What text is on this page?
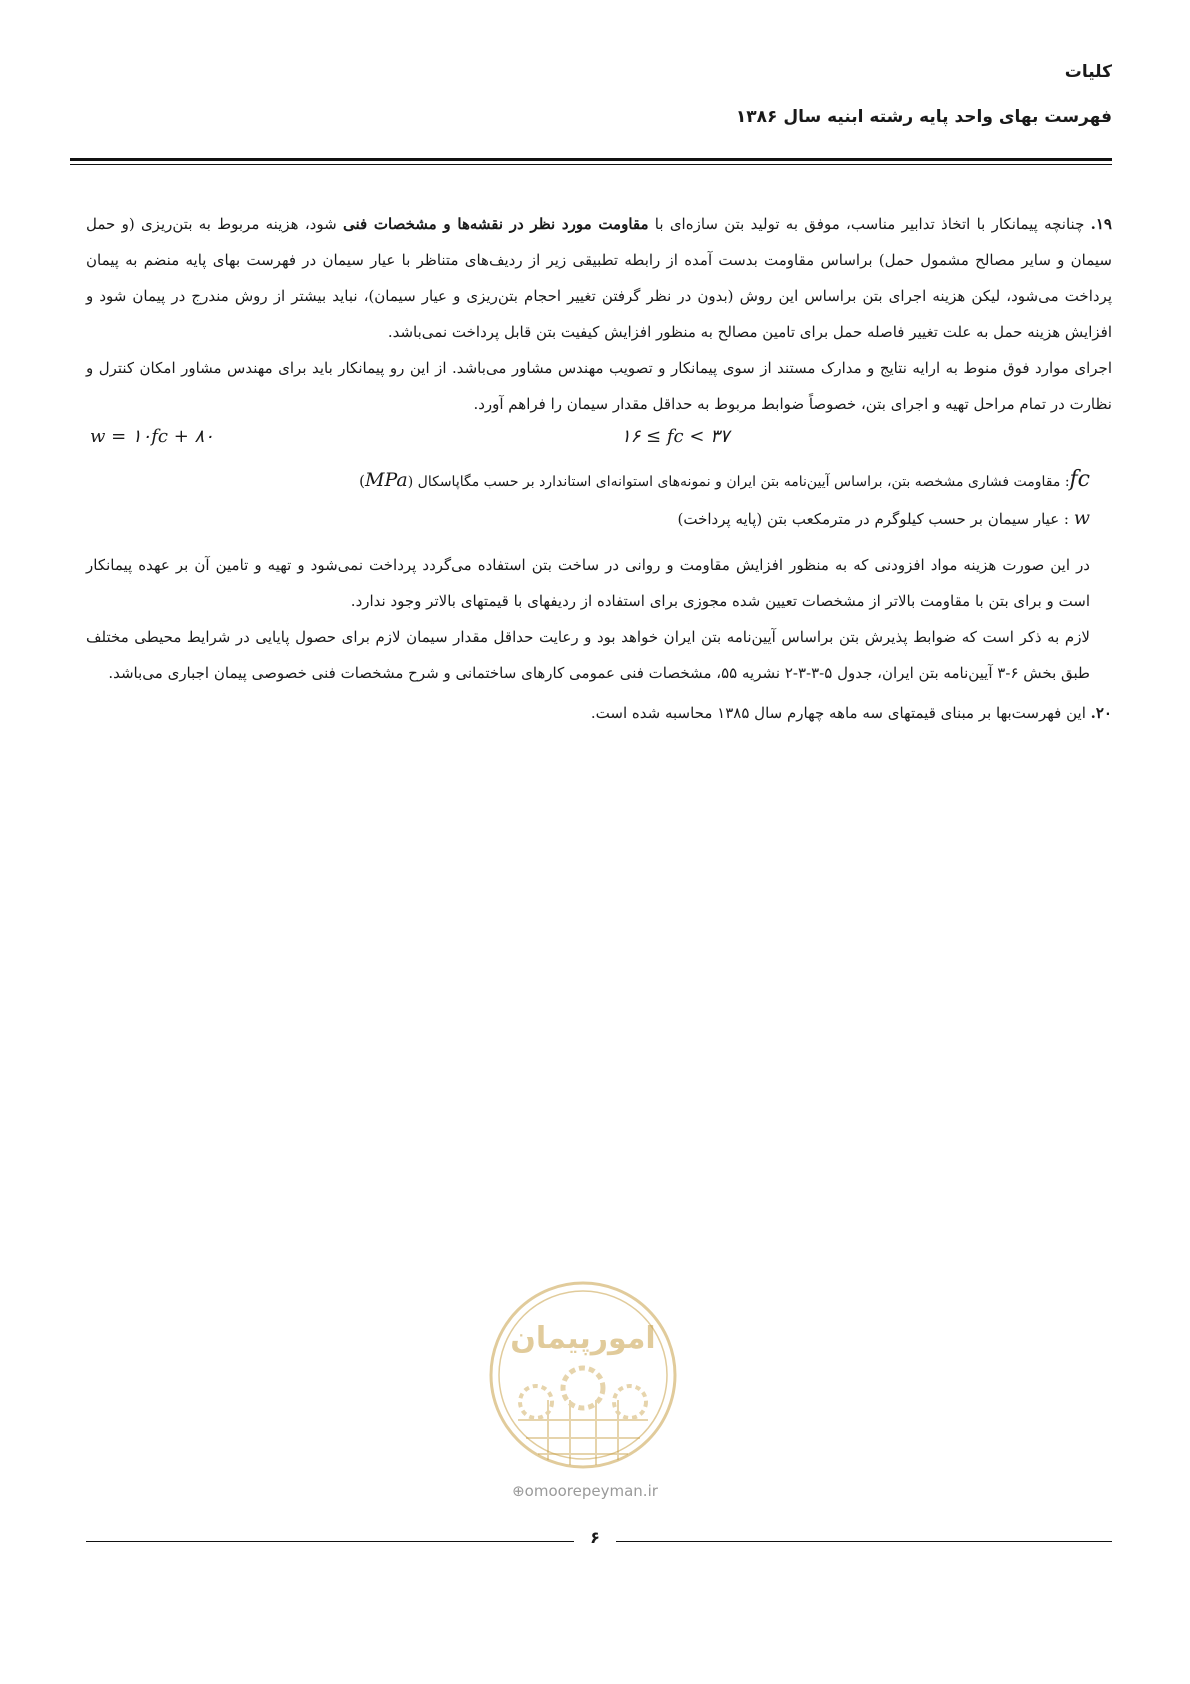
کلیات
فهرست بهای واحد پایه رشته ابنیه سال ۱۳۸۶

۱۹. چنانچه پیمانکار با اتخاذ تدابیر مناسب، موفق به تولید بتن سازه‌ای با مقاومت مورد نظر در نقشه‌ها و مشخصات فنی شود، هزینه مربوط به بتن‌ریزی (و حمل سیمان و سایر مصالح مشمول حمل) براساس مقاومت بدست آمده از رابطه تطبیقی زیر از ردیف‌های متناظر با عیار سیمان در فهرست بهای پایه منضم به پیمان پرداخت می‌شود، لیکن هزینه اجرای بتن براساس این روش (بدون در نظر گرفتن تغییر احجام بتن‌ریزی و عیار سیمان)، نباید بیشتر از روش مندرج در پیمان شود و افزایش هزینه حمل به علت تغییر فاصله حمل برای تامین مصالح به منظور افزایش کیفیت بتن قابل پرداخت نمی‌باشد.

اجرای موارد فوق منوط به ارایه نتایج و مدارک مستند از سوی پیمانکار و تصویب مهندس مشاور می‌باشد. از این رو پیمانکار باید برای مهندس مشاور امکان کنترل و نظارت در تمام مراحل تهیه و اجرای بتن، خصوصاً ضوابط مربوط به حداقل مقدار سیمان را فراهم آورد.

w = ۱۰fc + ۸۰	۱۶ ≤ fc < ۳۷
fc: مقاومت فشاری مشخصه بتن، براساس آیین‌نامه بتن ایران و نمونه‌های استوانه‌ای استاندارد بر حسب مگاپاسکال (MPa)
w : عیار سیمان بر حسب کیلوگرم در مترمکعب بتن (پایه پرداخت)

در این صورت هزینه مواد افزودنی که به منظور افزایش مقاومت و روانی در ساخت بتن استفاده می‌گردد پرداخت نمی‌شود و تهیه و تامین آن بر عهده پیمانکار است و برای بتن با مقاومت بالاتر از مشخصات تعیین شده مجوزی برای استفاده از ردیفهای با قیمتهای بالاتر وجود ندارد.

لازم به ذکر است که ضوابط پذیرش بتن براساس آیین‌نامه بتن ایران خواهد بود و رعایت حداقل مقدار سیمان لازم برای حصول پایایی در شرایط محیطی مختلف طبق بخش ۶-۳ آیین‌نامه بتن ایران، جدول ۵-۳-۳-۲ نشریه ۵۵، مشخصات فنی عمومی کارهای ساختمانی و شرح مشخصات فنی خصوصی پیمان اجباری می‌باشد.

۲۰. این فهرست‌بها بر مبنای قیمتهای سه ماهه چهارم سال ۱۳۸۵ محاسبه شده است.

امورپیمان
⊕omoorepeyman.ir
۶
